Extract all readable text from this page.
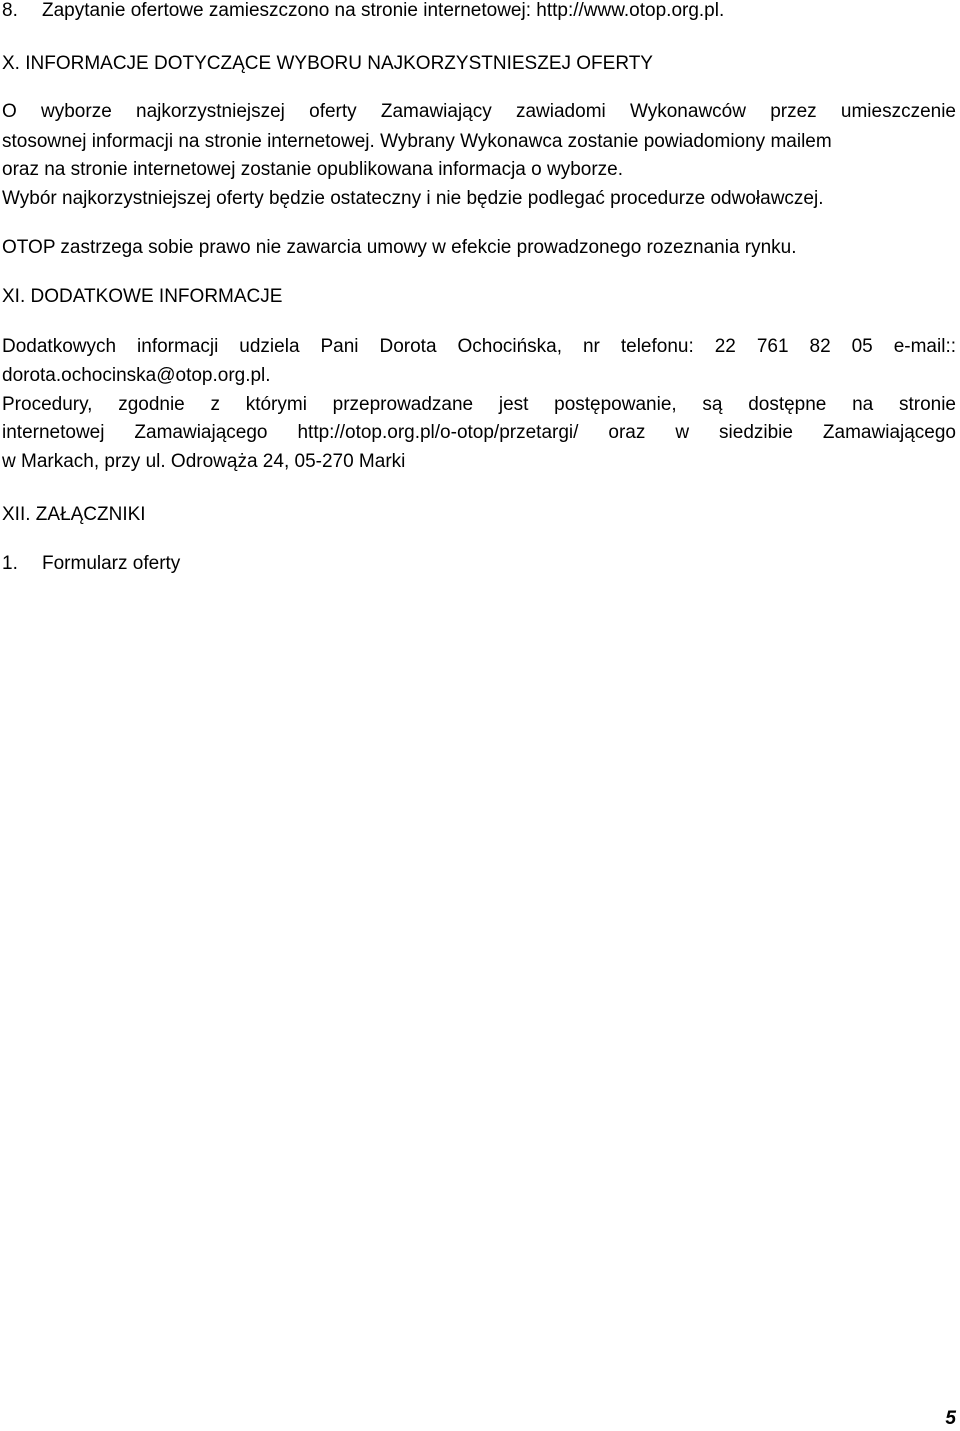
8. Zapytanie ofertowe zamieszczono na stronie internetowej: http://www.otop.org.pl.
X. INFORMACJE DOTYCZĄCE WYBORU NAJKORZYSTNIESZEJ OFERTY
O wyborze najkorzystniejszej oferty Zamawiający zawiadomi Wykonawców przez umieszczenie
stosownej informacji na stronie internetowej. Wybrany Wykonawca zostanie powiadomiony mailem
oraz na stronie internetowej zostanie opublikowana informacja o wyborze.
Wybór najkorzystniejszej oferty będzie ostateczny i nie będzie podlegać procedurze odwoławczej.
OTOP zastrzega sobie prawo nie zawarcia umowy w efekcie prowadzonego rozeznania rynku.
XI. DODATKOWE INFORMACJE
Dodatkowych informacji udziela Pani Dorota Ochocińska, nr telefonu: 22 761 82 05 e-mail::
dorota.ochocinska@otop.org.pl.
Procedury, zgodnie z którymi przeprowadzane jest postępowanie, są dostępne na stronie
internetowej Zamawiającego http://otop.org.pl/o-otop/przetargi/ oraz w siedzibie Zamawiającego
w Markach, przy ul. Odrowąża 24, 05-270 Marki
XII. ZAŁĄCZNIKI
1. Formularz oferty
5
